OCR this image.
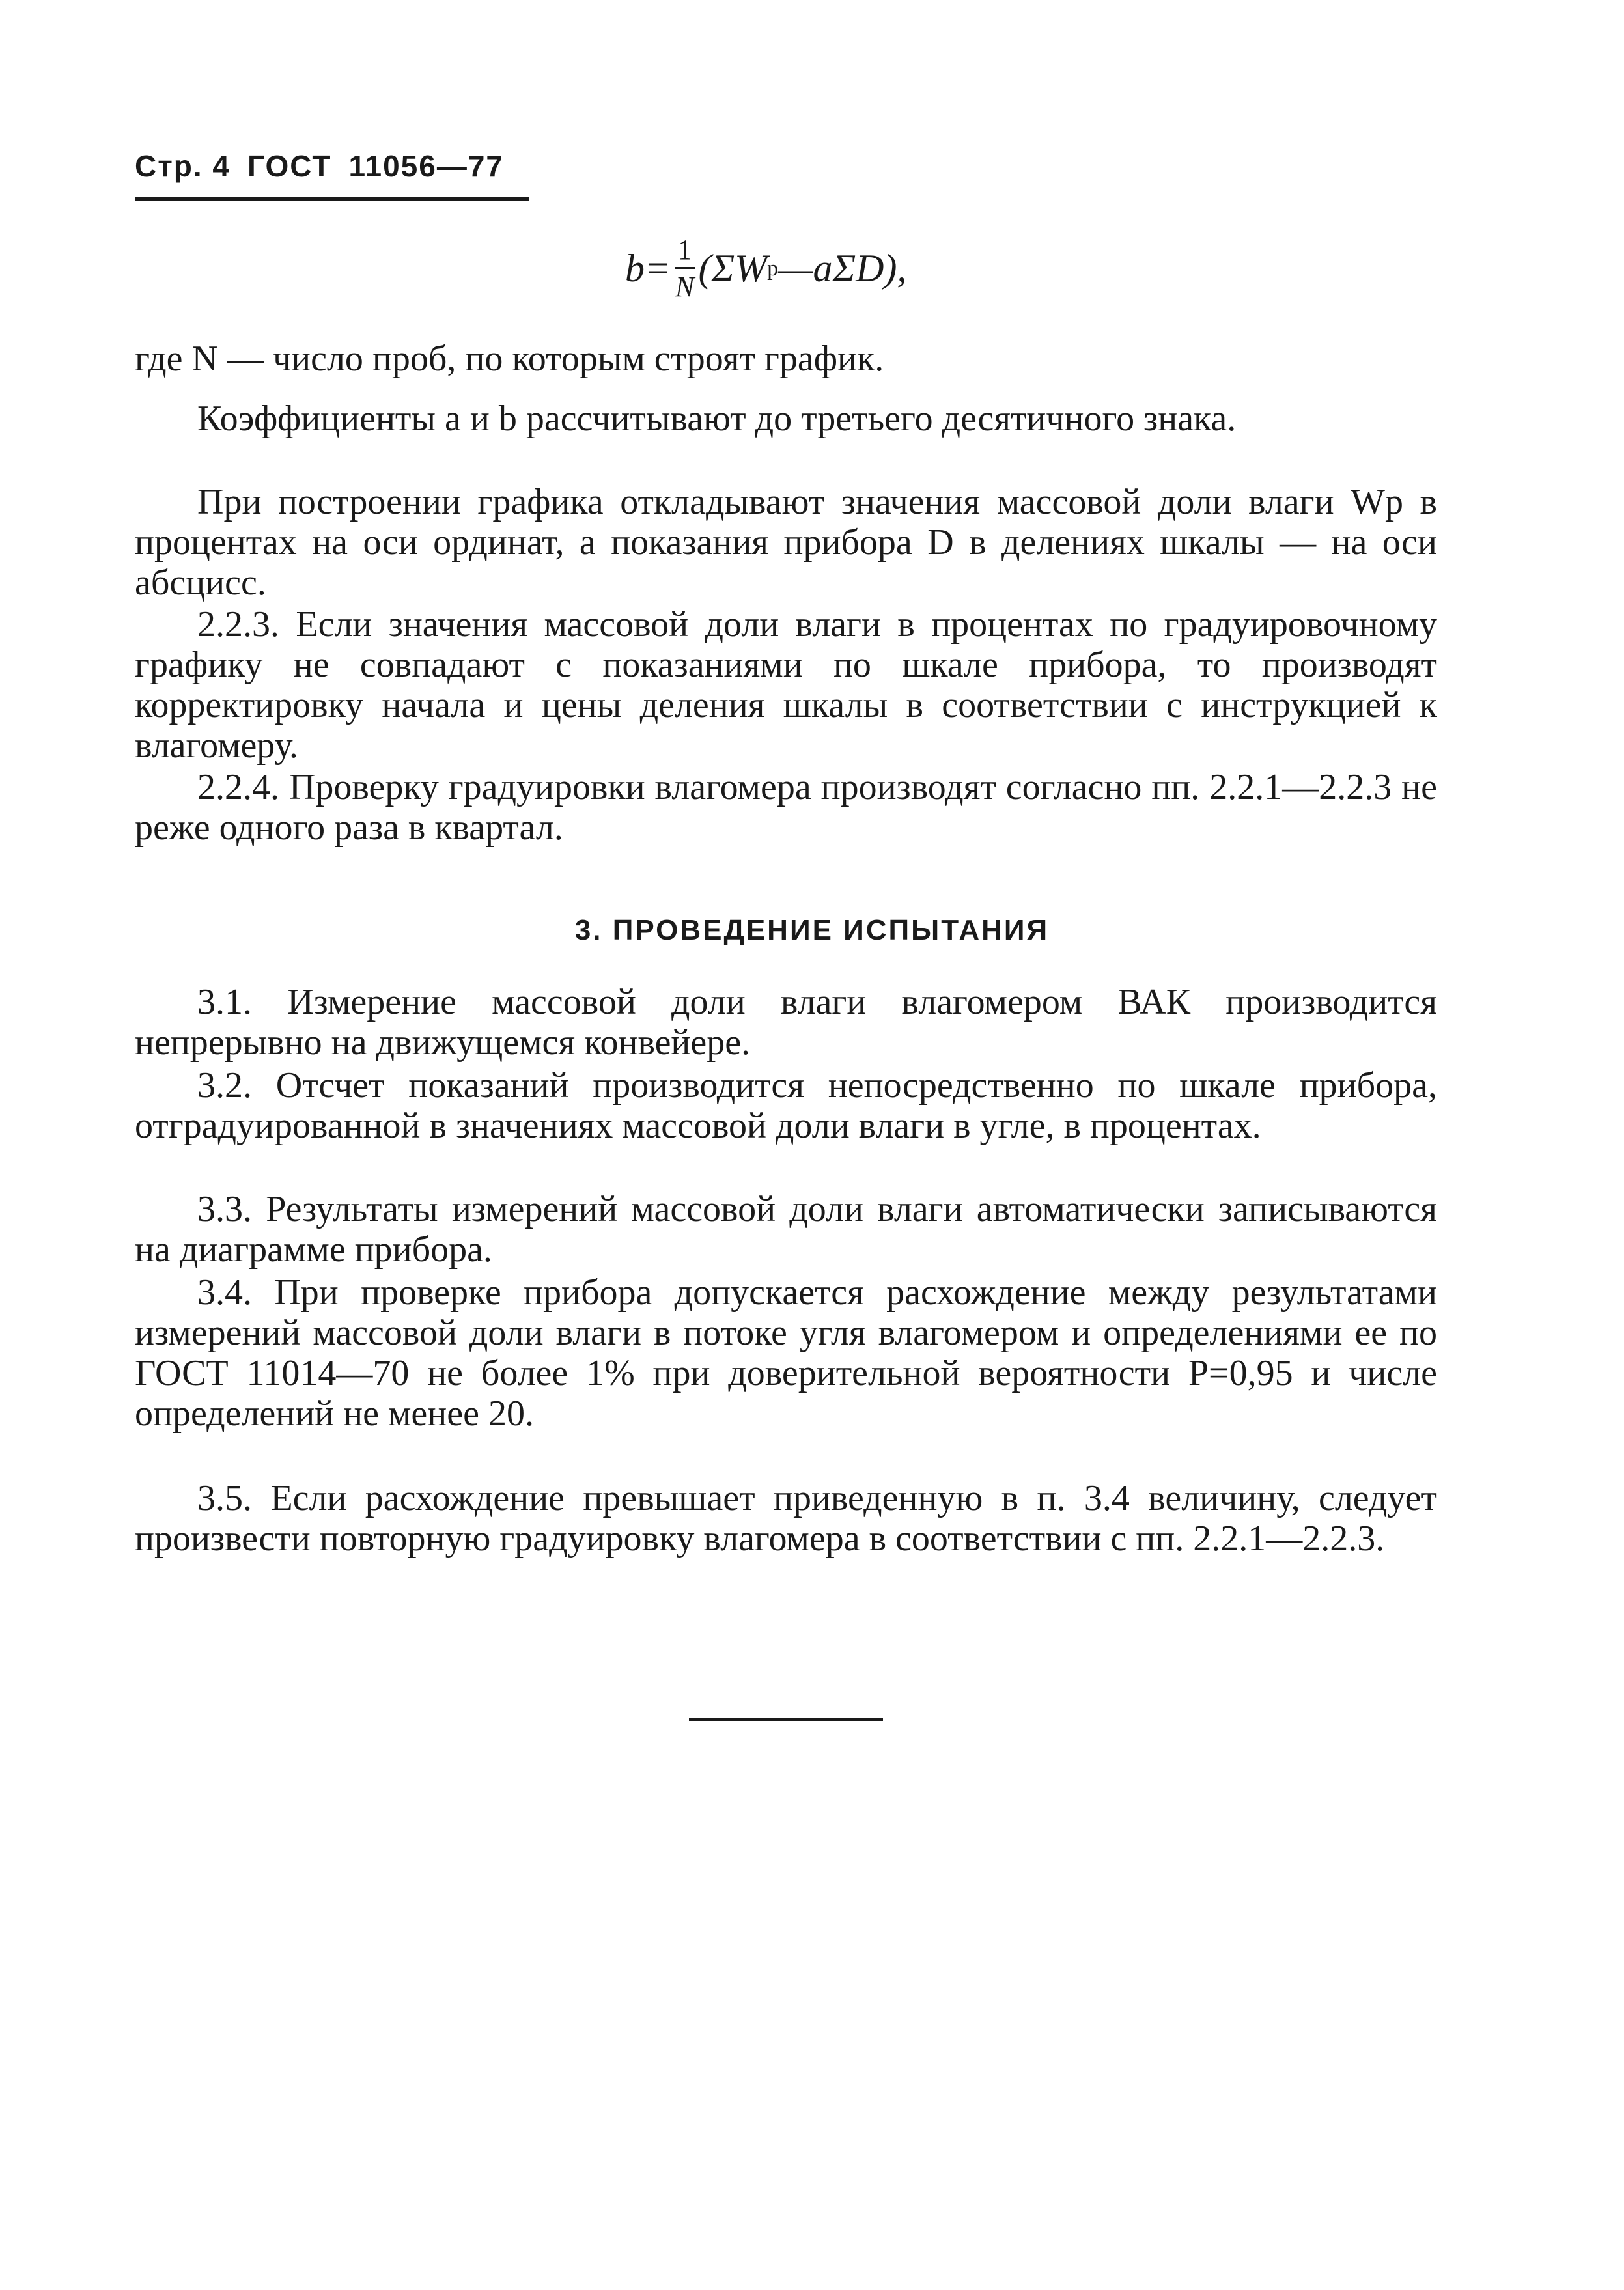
Стр. 4 ГОСТ 11056—77
$b= \frac{1}{N} (\Sigma W$ р —aΣD),

где N — число проб, по которым строят график.

Коэффициенты a и b рассчитывают до третьего десятичного знака.

При построении графика откладывают значения массовой доли влаги Wр в процентах на оси ординат, а показания прибора D в делениях шкалы — на оси абсцисс.

2.2.3. Если значения массовой доли влаги в процентах по градуировочному графику не совпадают с показаниями по шкале прибора, то производят корректировку начала и цены деления шкалы в соответствии с инструкцией к влагомеру.

2.2.4. Проверку градуировки влагомера производят согласно пп. 2.2.1—2.2.3 не реже одного раза в квартал.

3. ПРОВЕДЕНИЕ ИСПЫТАНИЯ

3.1. Измерение массовой доли влаги влагомером ВАК производится непрерывно на движущемся конвейере.

3.2. Отсчет показаний производится непосредственно по шкале прибора, отградуированной в значениях массовой доли влаги в угле, в процентах.

3.3. Результаты измерений массовой доли влаги автоматически записываются на диаграмме прибора.

3.4. При проверке прибора допускается расхождение между результатами измерений массовой доли влаги в потоке угля влагомером и определениями ее по ГОСТ 11014—70 не более 1% при доверительной вероятности P=0,95 и числе определений не менее 20.

3.5. Если расхождение превышает приведенную в п. 3.4 величину, следует произвести повторную градуировку влагомера в соответствии с пп. 2.2.1—2.2.3.
